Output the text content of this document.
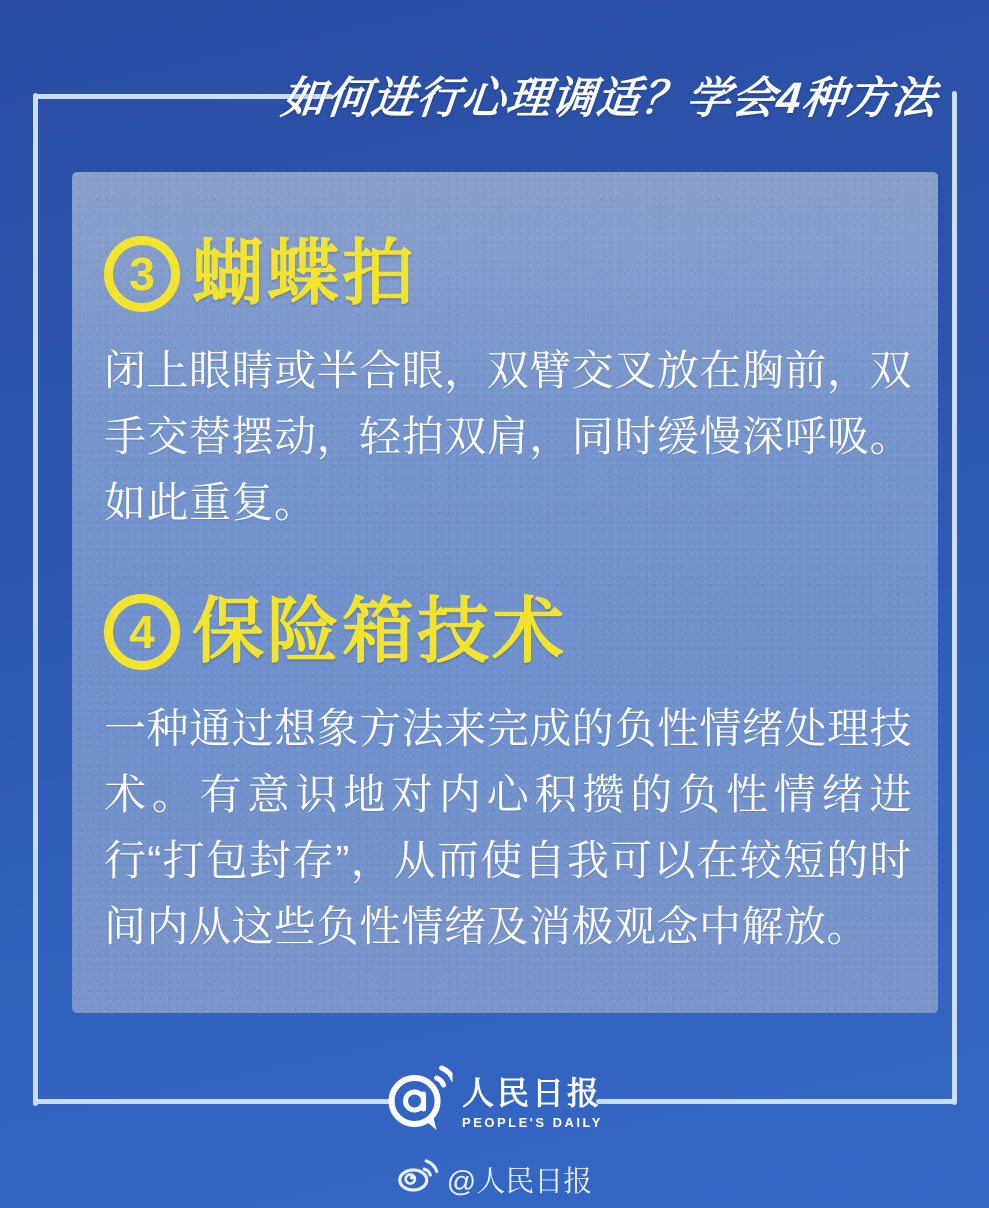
如何进行心理调适？学会4种方法
3 蝴蝶拍
闭上眼睛或半合眼，双臂交叉放在胸前，双手交替摆动，轻拍双肩，同时缓慢深呼吸。如此重复。
4 保险箱技术
一种通过想象方法来完成的负性情绪处理技术。有意识地对内心积攒的负性情绪进行“打包封存”，从而使自我可以在较短的时间内从这些负性情绪及消极观念中解放。
人民日报
PEOPLE'S DAILY
@人民日报
